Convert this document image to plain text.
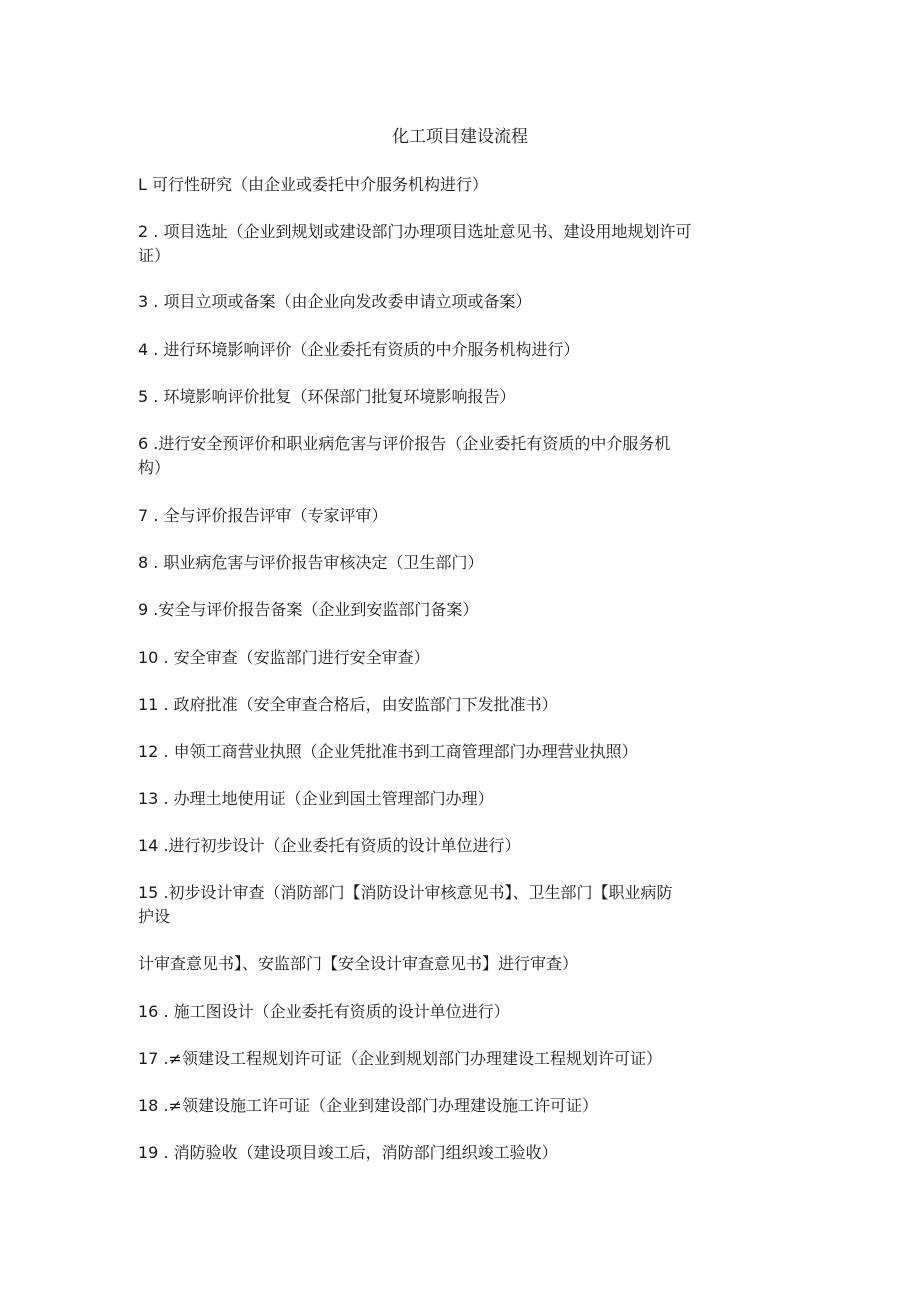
化工项目建设流程
L 可行性研究（由企业或委托中介服务机构进行）
2 . 项目选址（企业到规划或建设部门办理项目选址意见书、建设用地规划许可
证）
3 . 项目立项或备案（由企业向发改委申请立项或备案）
4 . 进行环境影响评价（企业委托有资质的中介服务机构进行）
5 . 环境影响评价批复（环保部门批复环境影响报告）
6 .进行安全预评价和职业病危害与评价报告（企业委托有资质的中介服务机
构）
7 . 全与评价报告评审（专家评审）
8 . 职业病危害与评价报告审核决定（卫生部门）
9 .安全与评价报告备案（企业到安监部门备案）
10 . 安全审查（安监部门进行安全审查）
11 . 政府批准（安全审查合格后，由安监部门下发批准书）
12 . 申领工商营业执照（企业凭批准书到工商管理部门办理营业执照）
13 . 办理土地使用证（企业到国土管理部门办理）
14 .进行初步设计（企业委托有资质的设计单位进行）
15 .初步设计审查（消防部门【消防设计审核意见书】、卫生部门【职业病防
护设
计审查意见书】、安监部门【安全设计审查意见书】进行审查）
16 . 施工图设计（企业委托有资质的设计单位进行）
17 .≠领建设工程规划许可证（企业到规划部门办理建设工程规划许可证）
18 .≠领建设施工许可证（企业到建设部门办理建设施工许可证）
19 . 消防验收（建设项目竣工后，消防部门组织竣工验收）
